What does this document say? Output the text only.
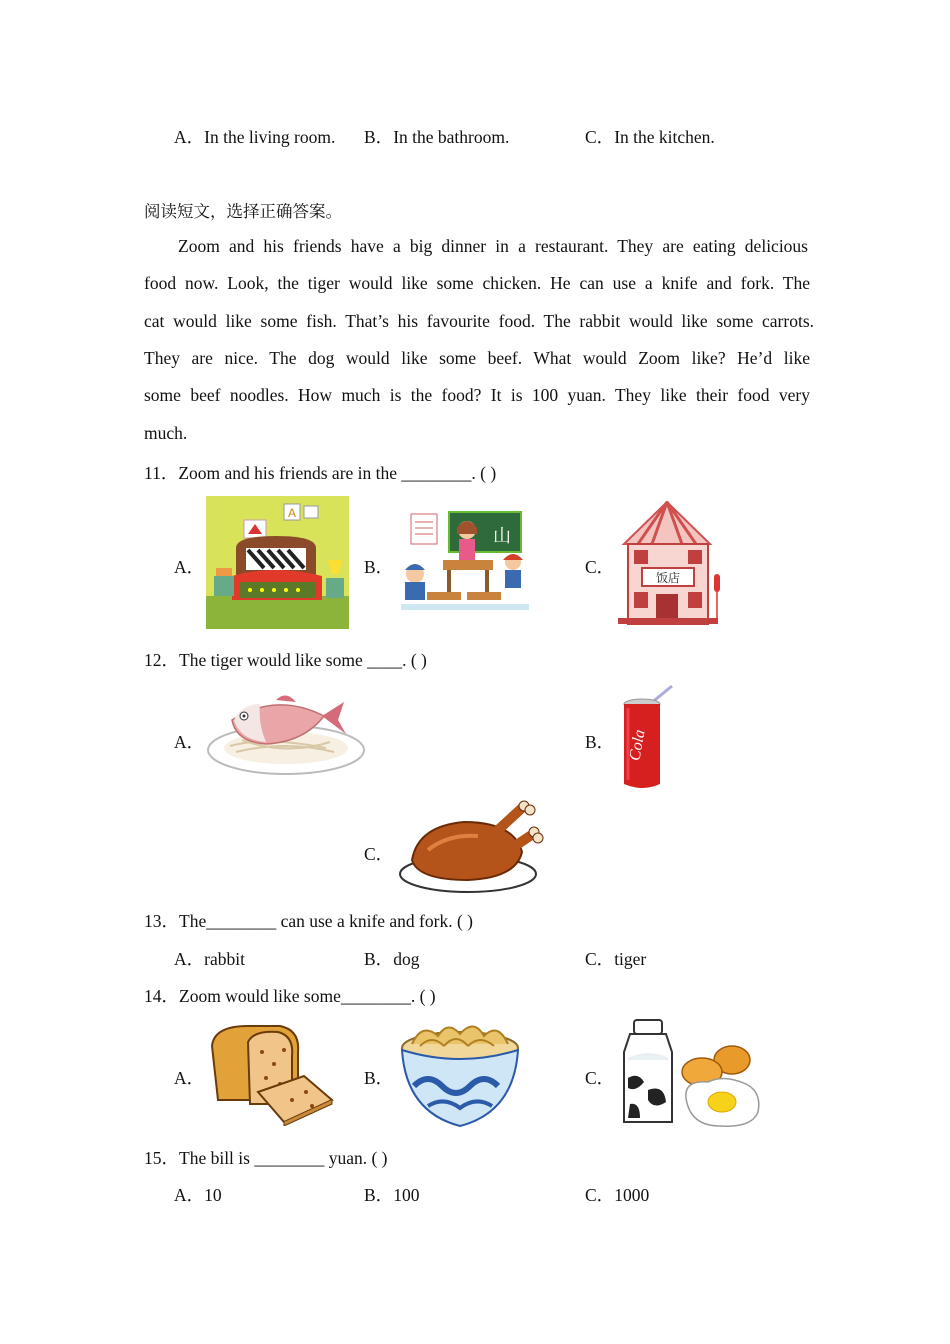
A．In the living room. B．In the bathroom.	C．In the kitchen.
阅读短文，选择正确答案。
Zoom and his friends have a big dinner in a restaurant. They are eating delicious
food now. Look, the tiger would like some chicken. He can use a knife and fork. The
cat would like some fish. That’s his favourite food. The rabbit would like some carrots.
They are nice. The dog would like some beef. What would Zoom like? He’d like
some beef noodles. How much is the food? It is 100 yuan. They like their food very
much.
11．Zoom and his friends are in the ________. ( )
A．
A
B．
山
C．
饭店
12．The tiger would like some ____. ( )
A．	B． Cola
C．
13．The________ can use a knife and fork. ( )
A．rabbit	B．dog	C．tiger
14．Zoom would like some________. ( )
A．	B．	C．
15．The bill is ________ yuan. ( )
A．10	B．100	C．1000
